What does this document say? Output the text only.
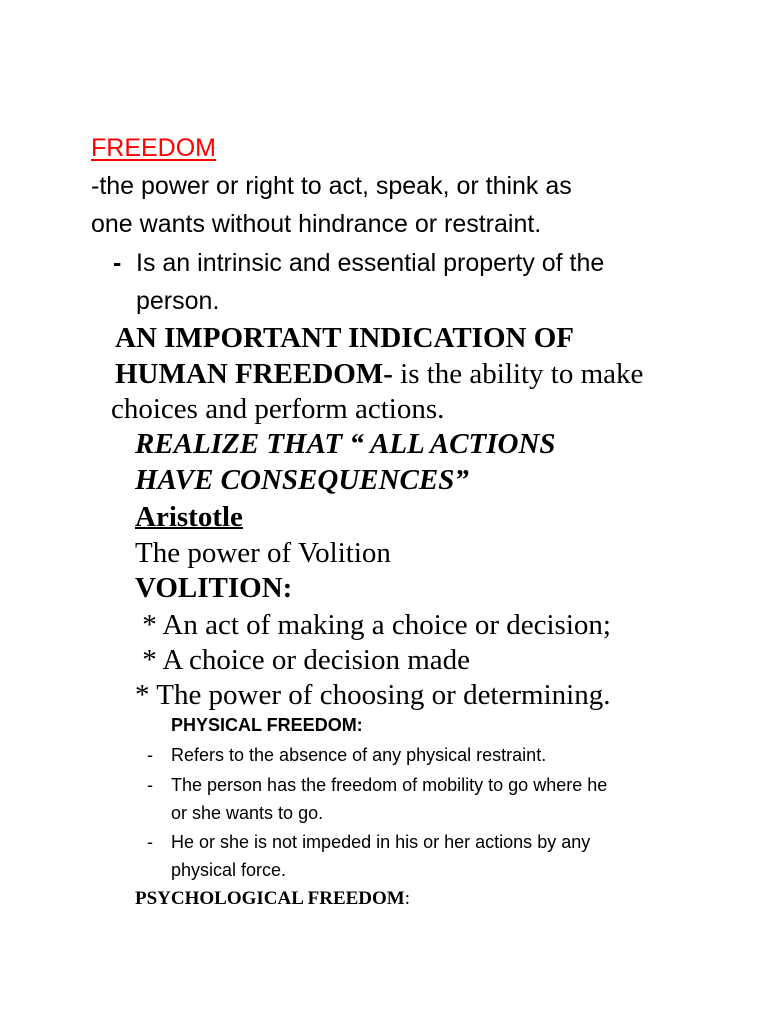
FREEDOM
-the power or right to act, speak, or think as
one wants without hindrance or restraint.
- Is an intrinsic and essential property of the
person.
AN IMPORTANT INDICATION OF
HUMAN FREEDOM- is the ability to make
choices and perform actions.
REALIZE THAT “ ALL ACTIONS
HAVE CONSEQUENCES”
Aristotle
The power of Volition
VOLITION:
* An act of making a choice or decision;
* A choice or decision made
* The power of choosing or determining.
PHYSICAL FREEDOM:
- Refers to the absence of any physical restraint.
- The person has the freedom of mobility to go where he
or she wants to go.
- He or she is not impeded in his or her actions by any
physical force.
PSYCHOLOGICAL FREEDOM:
